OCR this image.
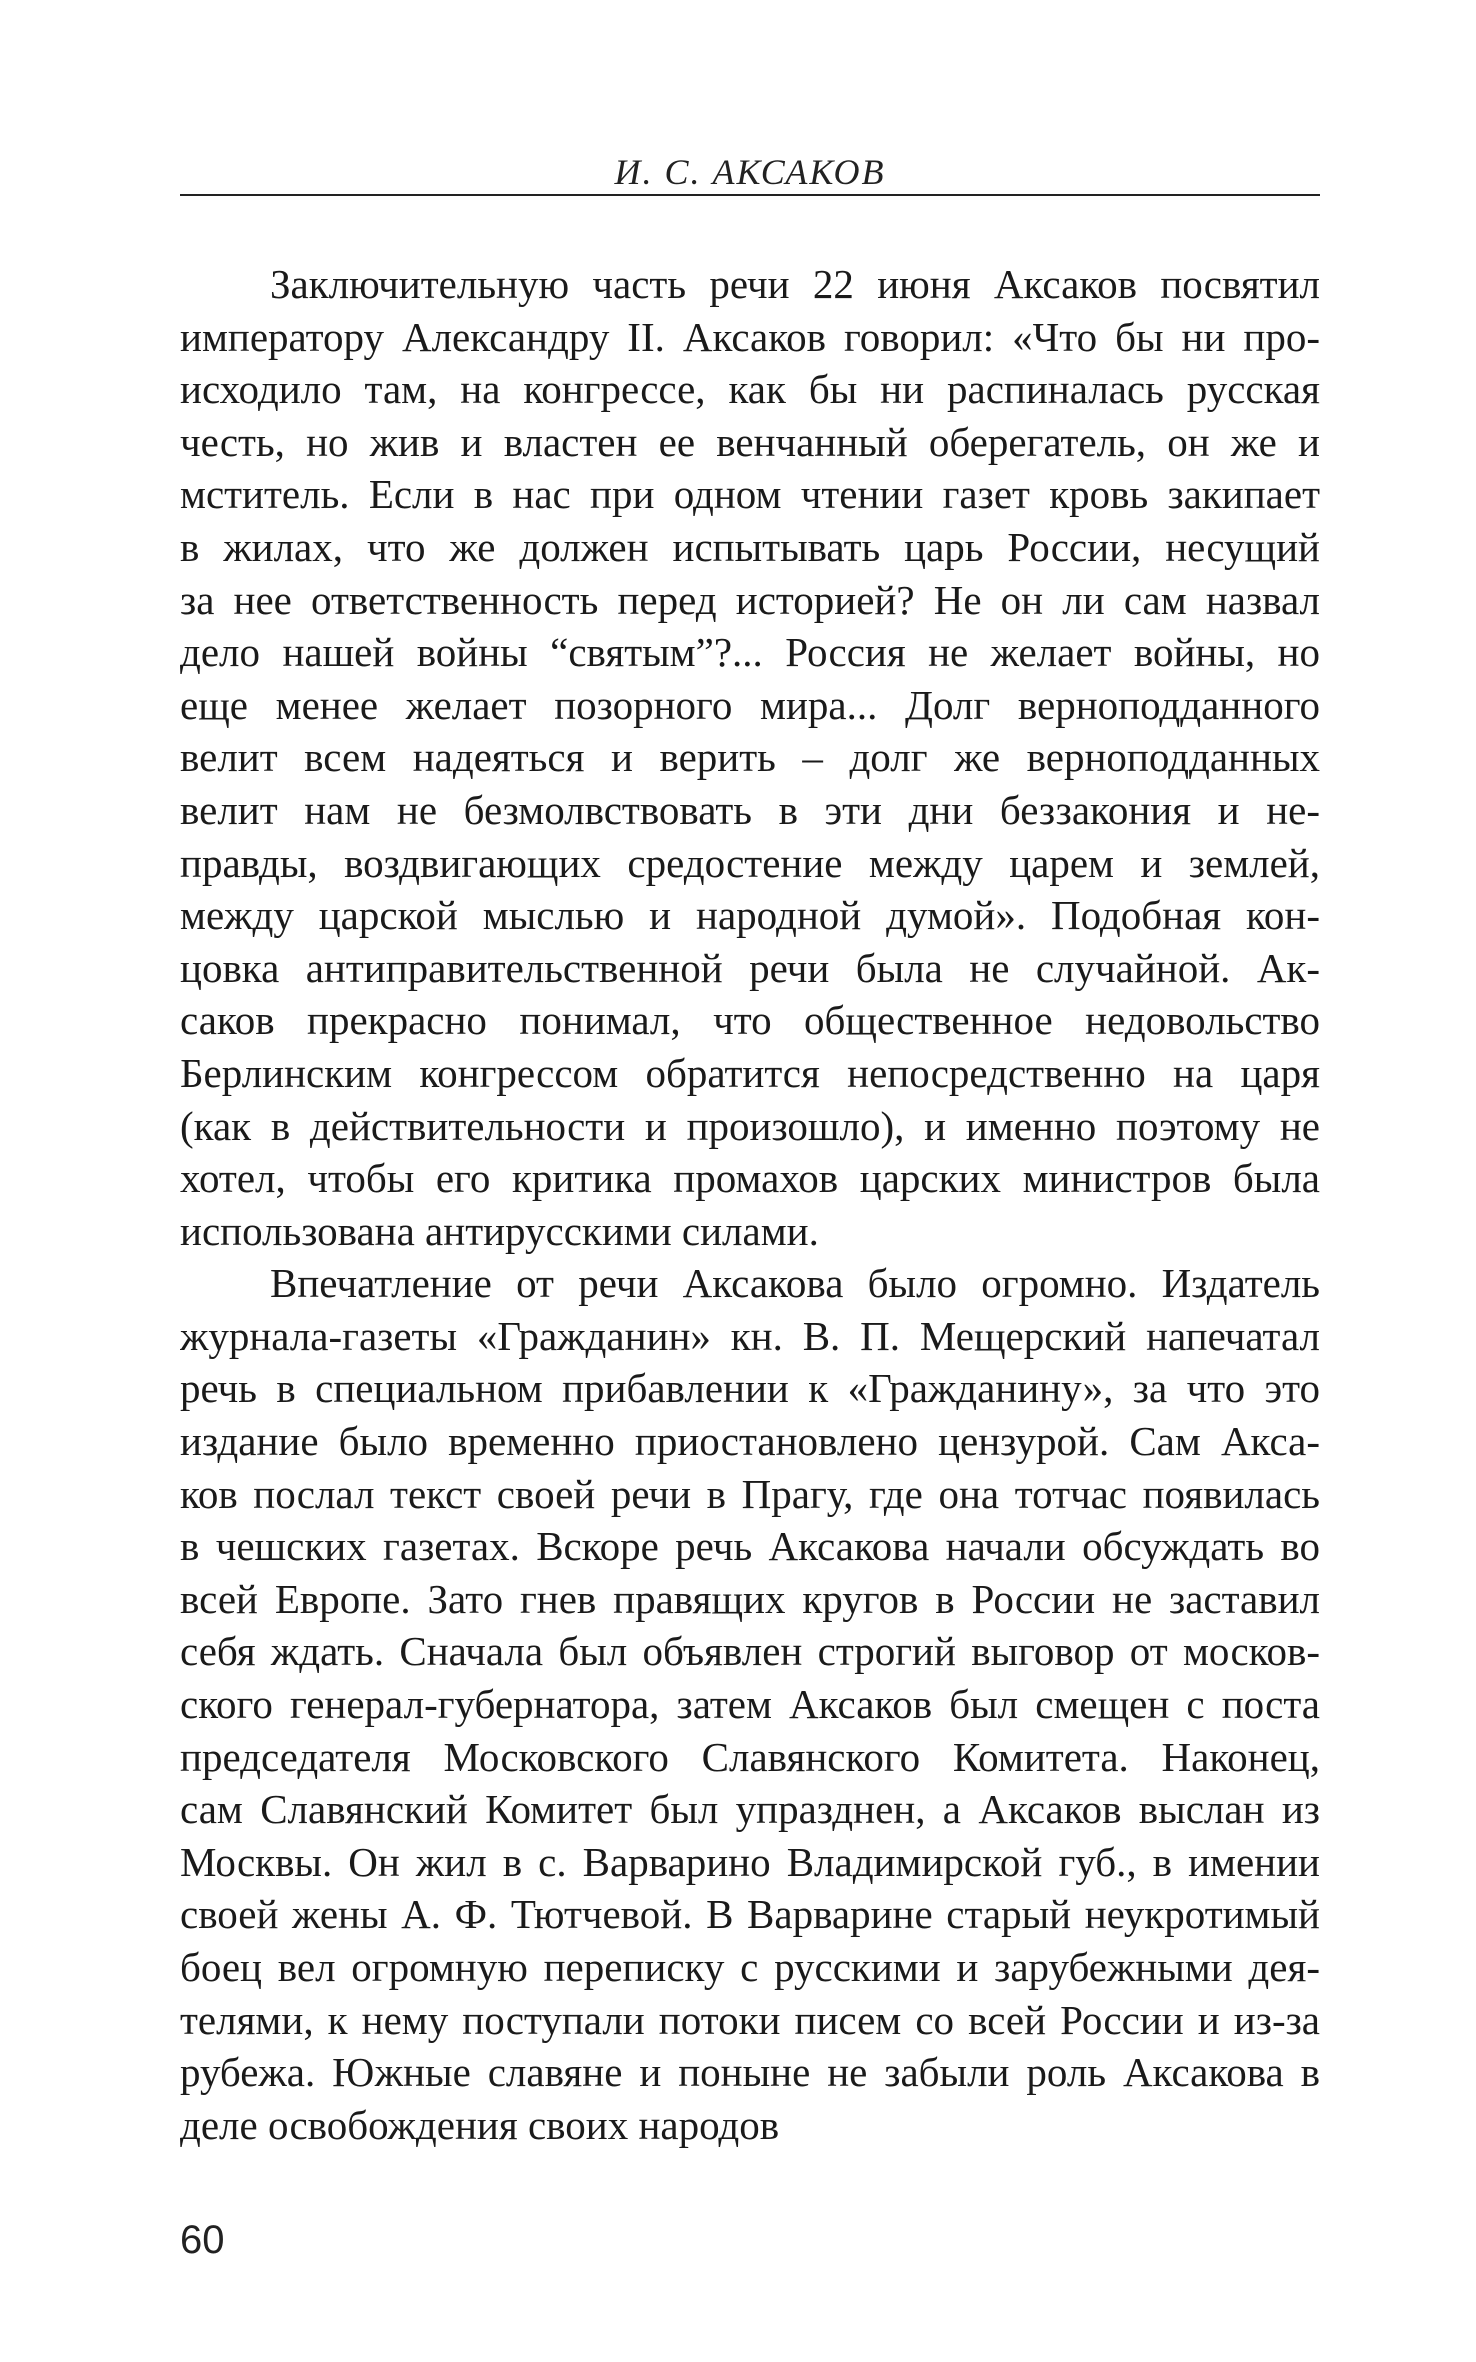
И. С. АКСАКОВ
Заключительную часть речи 22 июня Аксаков посвятил
императору Александру II. Аксаков говорил: «Что бы ни про-
исходило там, на конгрессе, как бы ни распиналась русская
честь, но жив и властен ее венчанный оберегатель, он же и
мститель. Если в нас при одном чтении газет кровь закипает
в жилах, что же должен испытывать царь России, несущий
за нее ответственность перед историей? Не он ли сам назвал
дело нашей войны “святым”?... Россия не желает войны, но
еще менее желает позорного мира... Долг верноподданного
велит всем надеяться и верить – долг же верноподданных
велит нам не безмолвствовать в эти дни беззакония и не-
правды, воздвигающих средостение между царем и землей,
между царской мыслью и народной думой». Подобная кон-
цовка антиправительственной речи была не случайной. Ак-
саков прекрасно понимал, что общественное недовольство
Берлинским конгрессом обратится непосредственно на царя
(как в действительности и произошло), и именно поэтому не
хотел, чтобы его критика промахов царских министров была
использована антирусскими силами.
Впечатление от речи Аксакова было огромно. Издатель
журнала-газеты «Гражданин» кн. В. П. Мещерский напечатал
речь в специальном прибавлении к «Гражданину», за что это
издание было временно приостановлено цензурой. Сам Акса-
ков послал текст своей речи в Прагу, где она тотчас появилась
в чешских газетах. Вскоре речь Аксакова начали обсуждать во
всей Европе. Зато гнев правящих кругов в России не заставил
себя ждать. Сначала был объявлен строгий выговор от москов-
ского генерал-губернатора, затем Аксаков был смещен с поста
председателя Московского Славянского Комитета. Наконец,
сам Славянский Комитет был упразднен, а Аксаков выслан из
Москвы. Он жил в с. Варварино Владимирской губ., в имении
своей жены А. Ф. Тютчевой. В Варварине старый неукротимый
боец вел огромную переписку с русскими и зарубежными дея-
телями, к нему поступали потоки писем со всей России и из-за
рубежа. Южные славяне и поныне не забыли роль Аксакова в
деле освобождения своих народов
60
